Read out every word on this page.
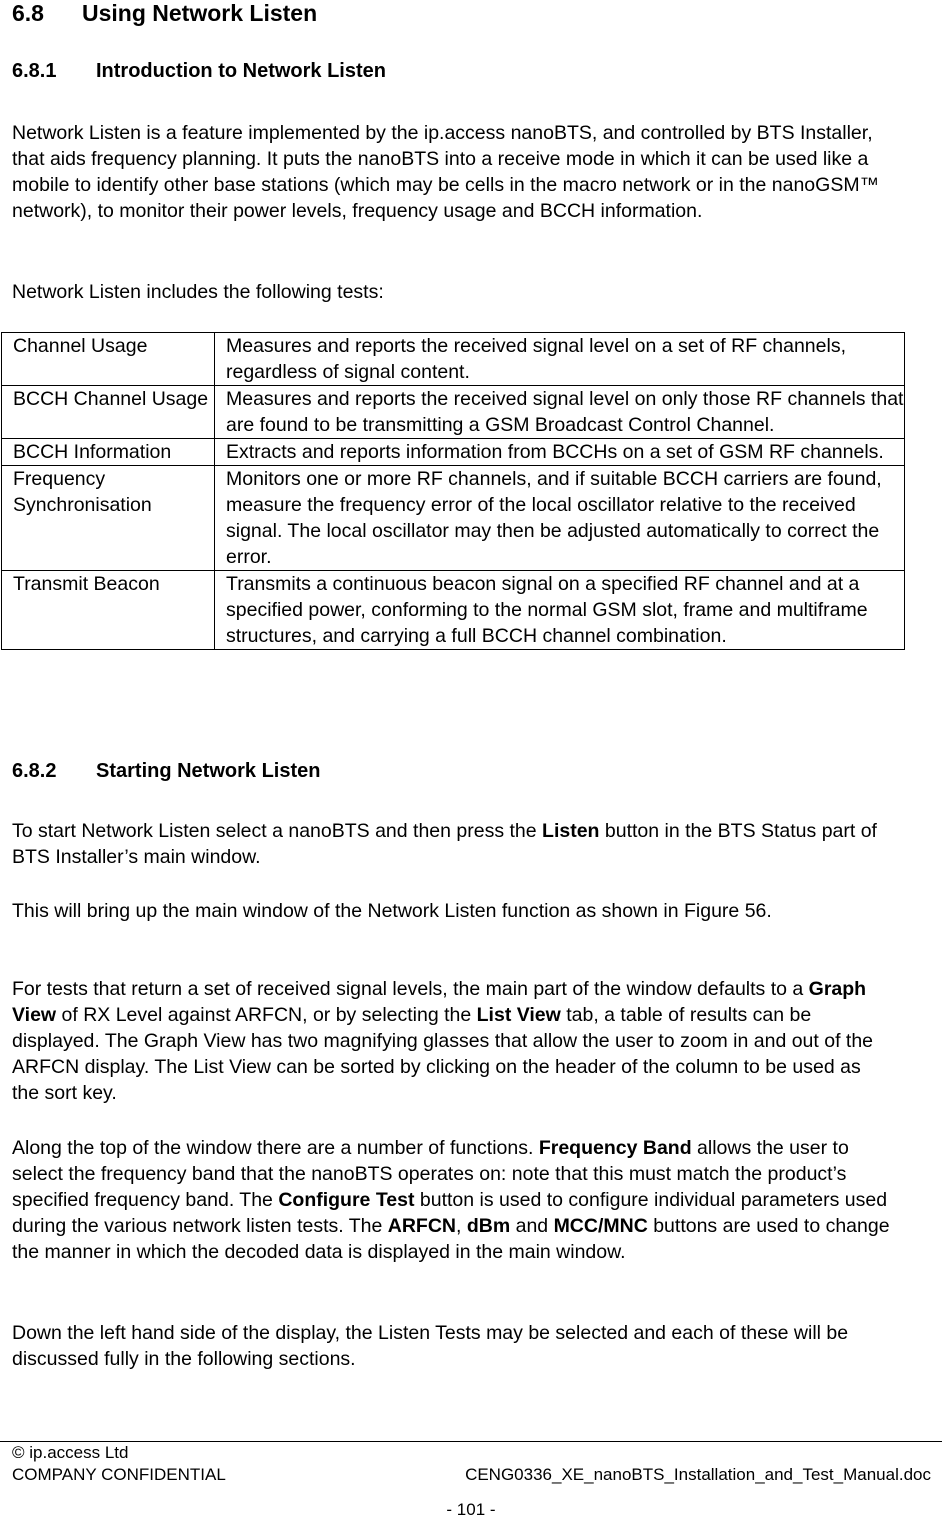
6.8 Using Network Listen
6.8.1 Introduction to Network Listen

Network Listen is a feature implemented by the ip.access nanoBTS, and controlled by BTS Installer, that aids frequency planning. It puts the nanoBTS into a receive mode in which it can be used like a mobile to identify other base stations (which may be cells in the macro network or in the nanoGSM™ network), to monitor their power levels, frequency usage and BCCH information.

Network Listen includes the following tests:

Channel Usage	Measures and reports the received signal level on a set of RF channels, regardless of signal content.
BCCH Channel Usage	Measures and reports the received signal level on only those RF channels that are found to be transmitting a GSM Broadcast Control Channel.
BCCH Information	Extracts and reports information from BCCHs on a set of GSM RF channels.
Frequency Synchronisation	Monitors one or more RF channels, and if suitable BCCH carriers are found, measure the frequency error of the local oscillator relative to the received signal. The local oscillator may then be adjusted automatically to correct the error.
Transmit Beacon	Transmits a continuous beacon signal on a specified RF channel and at a specified power, conforming to the normal GSM slot, frame and multiframe structures, and carrying a full BCCH channel combination.
6.8.2 Starting Network Listen

To start Network Listen select a nanoBTS and then press the Listen button in the BTS Status part of BTS Installer’s main window.

This will bring up the main window of the Network Listen function as shown in Figure 56.

For tests that return a set of received signal levels, the main part of the window defaults to a Graph View of RX Level against ARFCN, or by selecting the List View tab, a table of results can be displayed. The Graph View has two magnifying glasses that allow the user to zoom in and out of the ARFCN display. The List View can be sorted by clicking on the header of the column to be used as the sort key.

Along the top of the window there are a number of functions. Frequency Band allows the user to select the frequency band that the nanoBTS operates on: note that this must match the product’s specified frequency band. The Configure Test button is used to configure individual parameters used during the various network listen tests. The ARFCN, dBm and MCC/MNC buttons are used to change the manner in which the decoded data is displayed in the main window.

Down the left hand side of the display, the Listen Tests may be selected and each of these will be discussed fully in the following sections.

© ip.access Ltd
COMPANY CONFIDENTIAL	CENG0336_XE_nanoBTS_Installation_and_Test_Manual.doc
- 101 -
